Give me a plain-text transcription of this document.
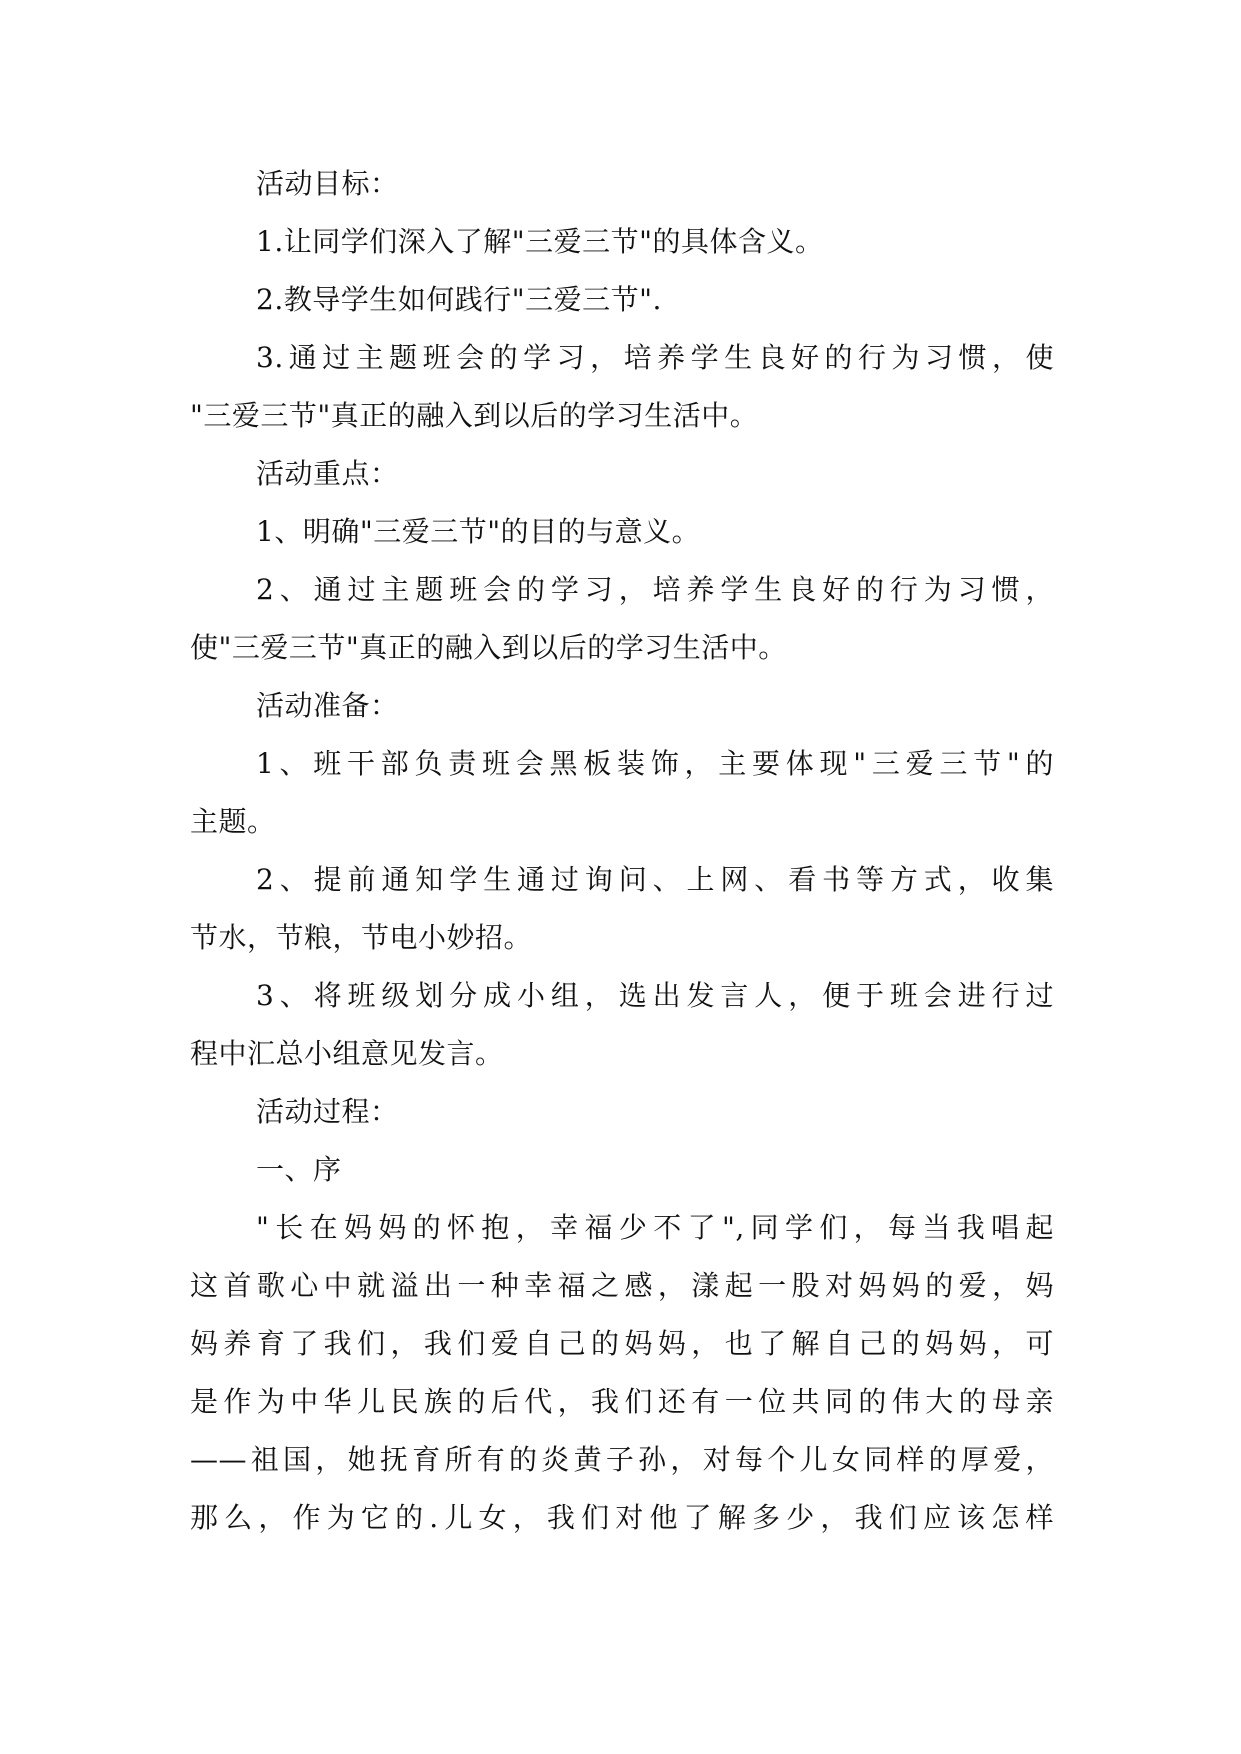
活动目标：
1.让同学们深入了解"三爱三节"的具体含义。
2.教导学生如何践行"三爱三节".
3.通过主题班会的学习，培养学生良好的行为习惯，使
"三爱三节"真正的融入到以后的学习生活中。
活动重点：
1、明确"三爱三节"的目的与意义。
2、通过主题班会的学习，培养学生良好的行为习惯，
使"三爱三节"真正的融入到以后的学习生活中。
活动准备：
1、班干部负责班会黑板装饰，主要体现"三爱三节"的
主题。
2、提前通知学生通过询问、上网、看书等方式，收集
节水，节粮，节电小妙招。
3、将班级划分成小组，选出发言人，便于班会进行过
程中汇总小组意见发言。
活动过程：
一、序
"长在妈妈的怀抱，幸福少不了",同学们，每当我唱起
这首歌心中就溢出一种幸福之感，漾起一股对妈妈的爱，妈
妈养育了我们，我们爱自己的妈妈，也了解自己的妈妈，可
是作为中华儿民族的后代，我们还有一位共同的伟大的母亲
——祖国，她抚育所有的炎黄子孙，对每个儿女同样的厚爱，
那么，作为它的.儿女，我们对他了解多少，我们应该怎样
